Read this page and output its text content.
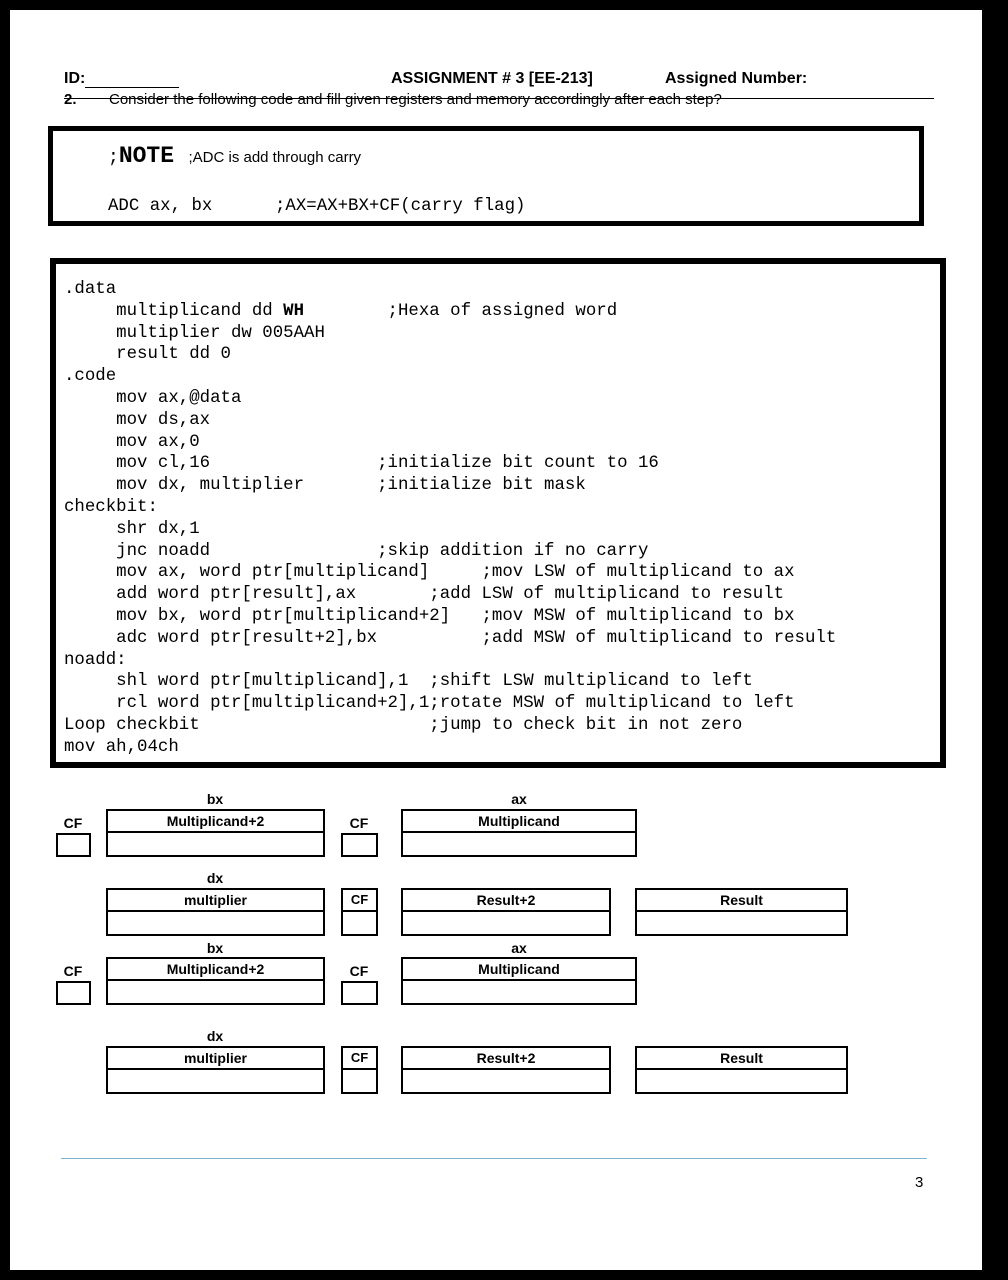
ID:	ASSIGNMENT # 3 [EE-213]	Assigned Number:
2. Consider the following code and fill given registers and memory accordingly after each step?
;NOTE ;ADC is add through carry
ADC ax, bx      ;AX=AX+BX+CF(carry flag)
.data
multiplicand dd WH        ;Hexa of assigned word
multiplier dw 005AAH
result dd 0
.code
mov ax,@data
mov ds,ax
mov ax,0
mov cl,16                ;initialize bit count to 16
mov dx, multiplier       ;initialize bit mask
checkbit:
shr dx,1
jnc noadd                ;skip addition if no carry
mov ax, word ptr[multiplicand]     ;mov LSW of multiplicand to ax
add word ptr[result],ax       ;add LSW of multiplicand to result
mov bx, word ptr[multiplicand+2]   ;mov MSW of multiplicand to bx
adc word ptr[result+2],bx          ;add MSW of multiplicand to result
noadd:
shl word ptr[multiplicand],1  ;shift LSW multiplicand to left
rcl word ptr[multiplicand+2],1;rotate MSW of multiplicand to left
Loop checkbit                      ;jump to check bit in not zero
mov ah,04ch
bx	ax
CF	Multiplicand+2	CF	Multiplicand
dx
multiplier	CF	Result+2	Result
bx	ax
CF	Multiplicand+2	CF	Multiplicand
dx
multiplier	CF	Result+2	Result
3
